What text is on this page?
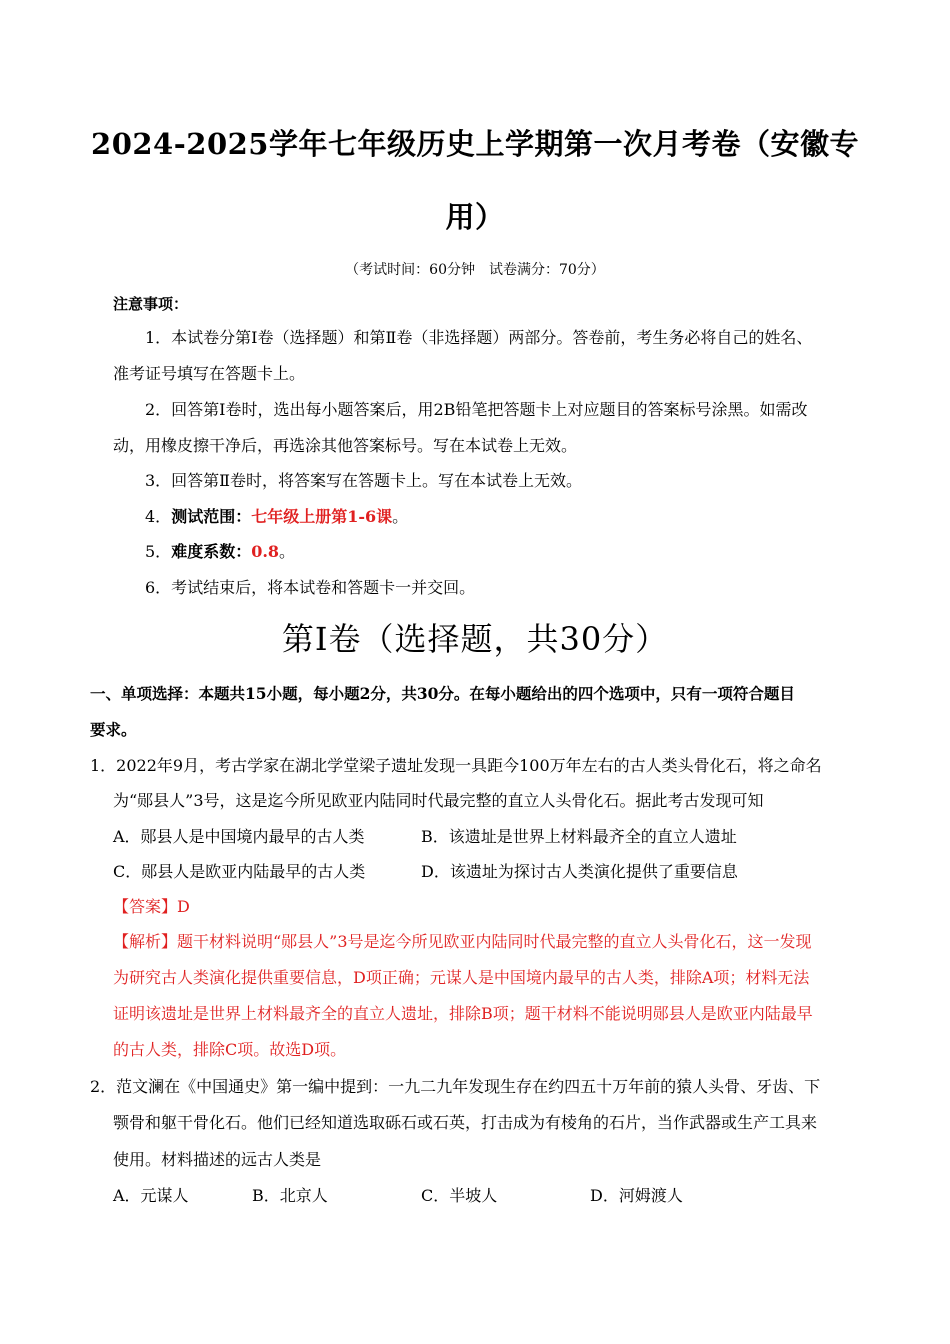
2024-2025学年七年级历史上学期第一次月考卷（安徽专
用）
（考试时间：60分钟　试卷满分：70分）
注意事项：
1．本试卷分第Ⅰ卷（选择题）和第Ⅱ卷（非选择题）两部分。答卷前，考生务必将自己的姓名、
准考证号填写在答题卡上。
2．回答第Ⅰ卷时，选出每小题答案后，用2B铅笔把答题卡上对应题目的答案标号涂黑。如需改
动，用橡皮擦干净后，再选涂其他答案标号。写在本试卷上无效。
3．回答第Ⅱ卷时，将答案写在答题卡上。写在本试卷上无效。
4．测试范围：七年级上册第1-6课。
5．难度系数：0.8。
6．考试结束后，将本试卷和答题卡一并交回。
第Ⅰ卷（选择题，共30分）
一、单项选择：本题共15小题，每小题2分，共30分。在每小题给出的四个选项中，只有一项符合题目
要求。
1．2022年9月，考古学家在湖北学堂梁子遗址发现一具距今100万年左右的古人类头骨化石，将之命名
为“郧县人”3号，这是迄今所见欧亚内陆同时代最完整的直立人头骨化石。据此考古发现可知
A．郧县人是中国境内最早的古人类	B．该遗址是世界上材料最齐全的直立人遗址
C．郧县人是欧亚内陆最早的古人类	D．该遗址为探讨古人类演化提供了重要信息
【答案】D
【解析】题干材料说明“郧县人”3号是迄今所见欧亚内陆同时代最完整的直立人头骨化石，这一发现
为研究古人类演化提供重要信息，D项正确；元谋人是中国境内最早的古人类，排除A项；材料无法
证明该遗址是世界上材料最齐全的直立人遗址，排除B项；题干材料不能说明郧县人是欧亚内陆最早
的古人类，排除C项。故选D项。
2．范文澜在《中国通史》第一编中提到：一九二九年发现生存在约四五十万年前的猿人头骨、牙齿、下
颚骨和躯干骨化石。他们已经知道选取砾石或石英，打击成为有棱角的石片，当作武器或生产工具来
使用。材料描述的远古人类是
A．元谋人	B．北京人	C．半坡人	D．河姆渡人
